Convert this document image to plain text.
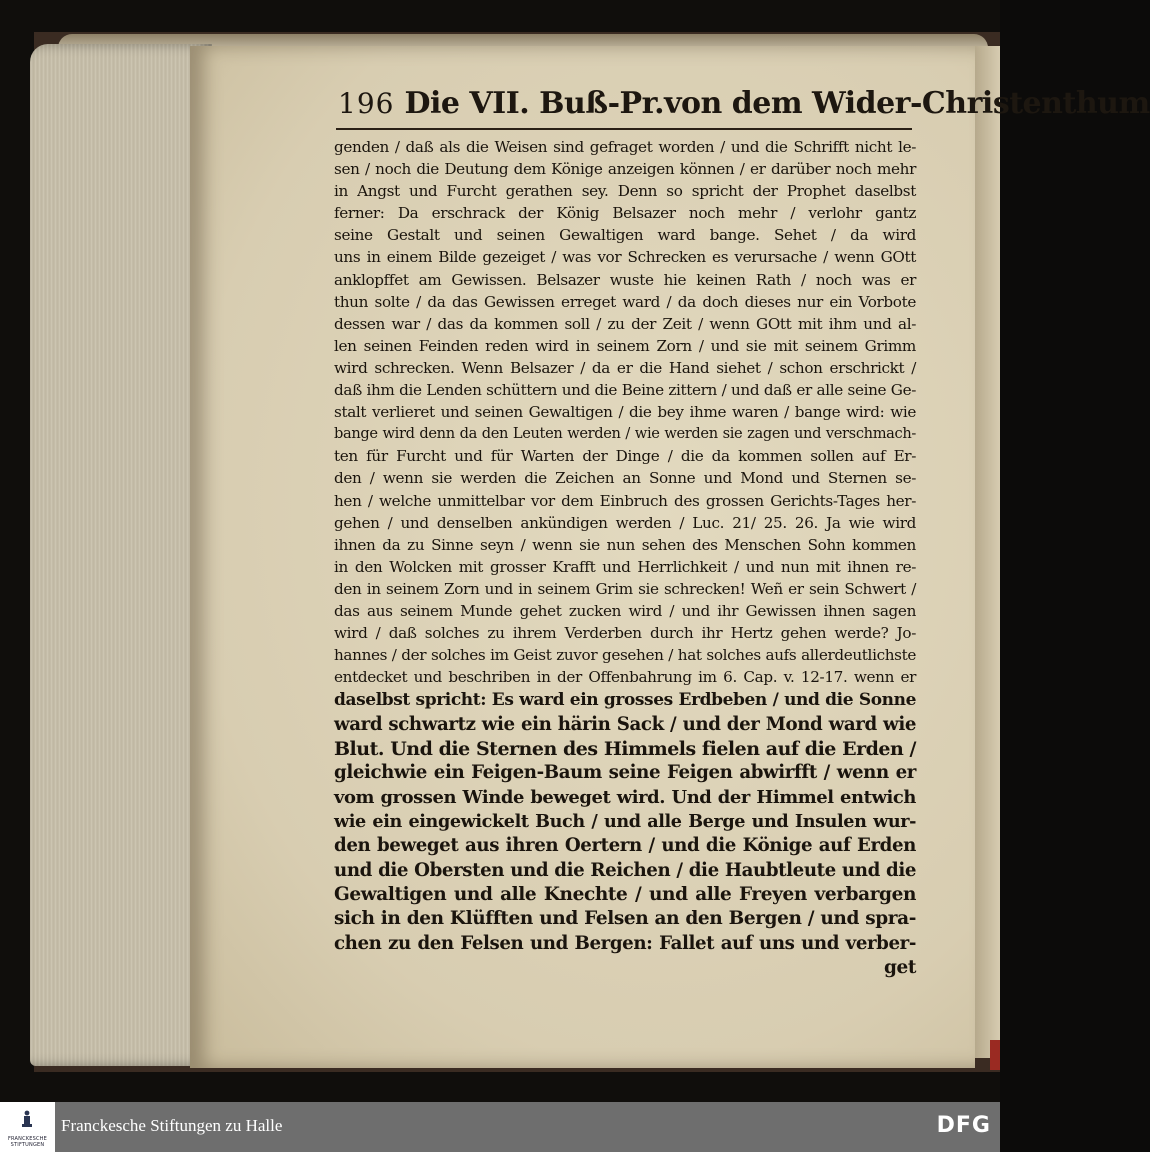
196 Die VII. Buß-Pr.von dem Wider-Christenthum
genden / daß als die Weisen sind gefraget worden / und die Schrifft nicht le-
sen / noch die Deutung dem Könige anzeigen können / er darüber noch mehr
in Angst und Furcht gerathen sey. Denn so spricht der Prophet daselbst
ferner: Da erschrack der König Belsazer noch mehr / verlohr gantz
seine Gestalt und seinen Gewaltigen ward bange. Sehet / da wird
uns in einem Bilde gezeiget / was vor Schrecken es verursache / wenn GOtt
anklopffet am Gewissen. Belsazer wuste hie keinen Rath / noch was er
thun solte / da das Gewissen erreget ward / da doch dieses nur ein Vorbote
dessen war / das da kommen soll / zu der Zeit / wenn GOtt mit ihm und al-
len seinen Feinden reden wird in seinem Zorn / und sie mit seinem Grimm
wird schrecken. Wenn Belsazer / da er die Hand siehet / schon erschrickt /
daß ihm die Lenden schüttern und die Beine zittern / und daß er alle seine Ge-
stalt verlieret und seinen Gewaltigen / die bey ihme waren / bange wird: wie
bange wird denn da den Leuten werden / wie werden sie zagen und verschmach-
ten für Furcht und für Warten der Dinge / die da kommen sollen auf Er-
den / wenn sie werden die Zeichen an Sonne und Mond und Sternen se-
hen / welche unmittelbar vor dem Einbruch des grossen Gerichts-Tages her-
gehen / und denselben ankündigen werden / Luc. 21/ 25. 26. Ja wie wird
ihnen da zu Sinne seyn / wenn sie nun sehen des Menschen Sohn kommen
in den Wolcken mit grosser Krafft und Herrlichkeit / und nun mit ihnen re-
den in seinem Zorn und in seinem Grim sie schrecken! Weñ er sein Schwert /
das aus seinem Munde gehet zucken wird / und ihr Gewissen ihnen sagen
wird / daß solches zu ihrem Verderben durch ihr Hertz gehen werde? Jo-
hannes / der solches im Geist zuvor gesehen / hat solches aufs allerdeutlichste
entdecket und beschriben in der Offenbahrung im 6. Cap. v. 12-17. wenn er
daselbst spricht: Es ward ein grosses Erdbeben / und die Sonne
ward schwartz wie ein härin Sack / und der Mond ward wie
Blut. Und die Sternen des Himmels fielen auf die Erden /
gleichwie ein Feigen-Baum seine Feigen abwirfft / wenn er
vom grossen Winde beweget wird. Und der Himmel entwich
wie ein eingewickelt Buch / und alle Berge und Insulen wur-
den beweget aus ihren Oertern / und die Könige auf Erden
und die Obersten und die Reichen / die Haubtleute und die
Gewaltigen und alle Knechte / und alle Freyen verbargen
sich in den Klüfften und Felsen an den Bergen / und spra-
chen zu den Felsen und Bergen: Fallet auf uns und verber-
get
FRANCKESCHE STIFTUNGEN
Franckesche Stiftungen zu Halle	DFG
